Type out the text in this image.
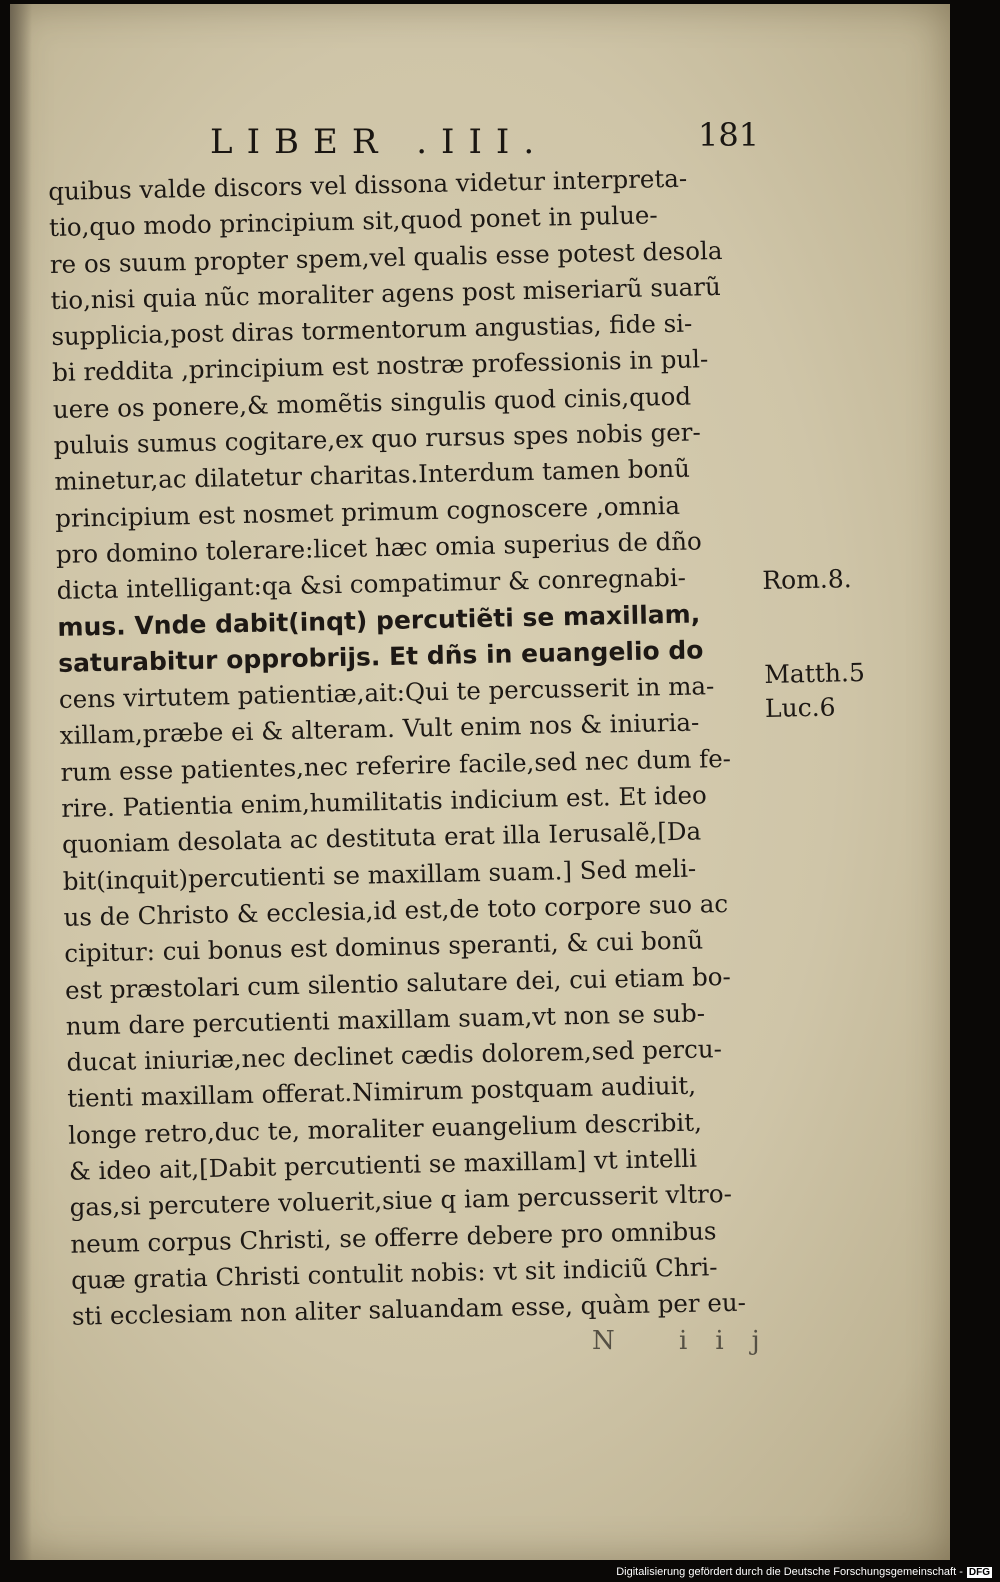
LIBER .III.	181
quibus valde discors vel dissona videtur interpreta-
tio,quo modo principium sit,quod ponet in pulue-
re os suum propter spem,vel qualis esse potest desola
tio,nisi quia nũc moraliter agens post miseriarũ suarũ
supplicia,post diras tormentorum angustias, fide si-
bi reddita ,principium est nostræ professionis in pul-
uere os ponere,& momẽtis singulis quod cinis,quod
puluis sumus cogitare,ex quo rursus spes nobis ger-
minetur,ac dilatetur charitas.Interdum tamen bonũ
principium est nosmet primum cognoscere ,omnia
pro domino tolerare:licet hæc omia superius de dño
dicta intelligant:qa &si compatimur & conregnabi-
mus. Vnde dabit(inqt) percutiẽti se maxillam,
saturabitur opprobrijs. Et dñs in euangelio do
cens virtutem patientiæ,ait:Qui te percusserit in ma-
xillam,præbe ei & alteram. Vult enim nos & iniuria-
rum esse patientes,nec referire facile,sed nec dum fe-
rire. Patientia enim,humilitatis indicium est. Et ideo
quoniam desolata ac destituta erat illa Ierusalẽ,[Da
bit(inquit)percutienti se maxillam suam.] Sed meli-
us de Christo & ecclesia,id est,de toto corpore suo ac
cipitur: cui bonus est dominus speranti, & cui bonũ
est præstolari cum silentio salutare dei, cui etiam bo-
num dare percutienti maxillam suam,vt non se sub-
ducat iniuriæ,nec declinet cædis dolorem,sed percu-
tienti maxillam offerat.Nimirum postquam audiuit,
longe retro,duc te, moraliter euangelium describit,
& ideo ait,[Dabit percutienti se maxillam] vt intelli
gas,si percutere voluerit,siue q iam percusserit vltro-
neum corpus Christi, se offerre debere pro omnibus
quæ gratia Christi contulit nobis: vt sit indiciũ Chri-
sti ecclesiam non aliter saluandam esse, quàm per eu-
Rom.8.
Matth.5
Luc.6
N iij
Digitalisierung gefördert durch die Deutsche Forschungsgemeinschaft - DFG
